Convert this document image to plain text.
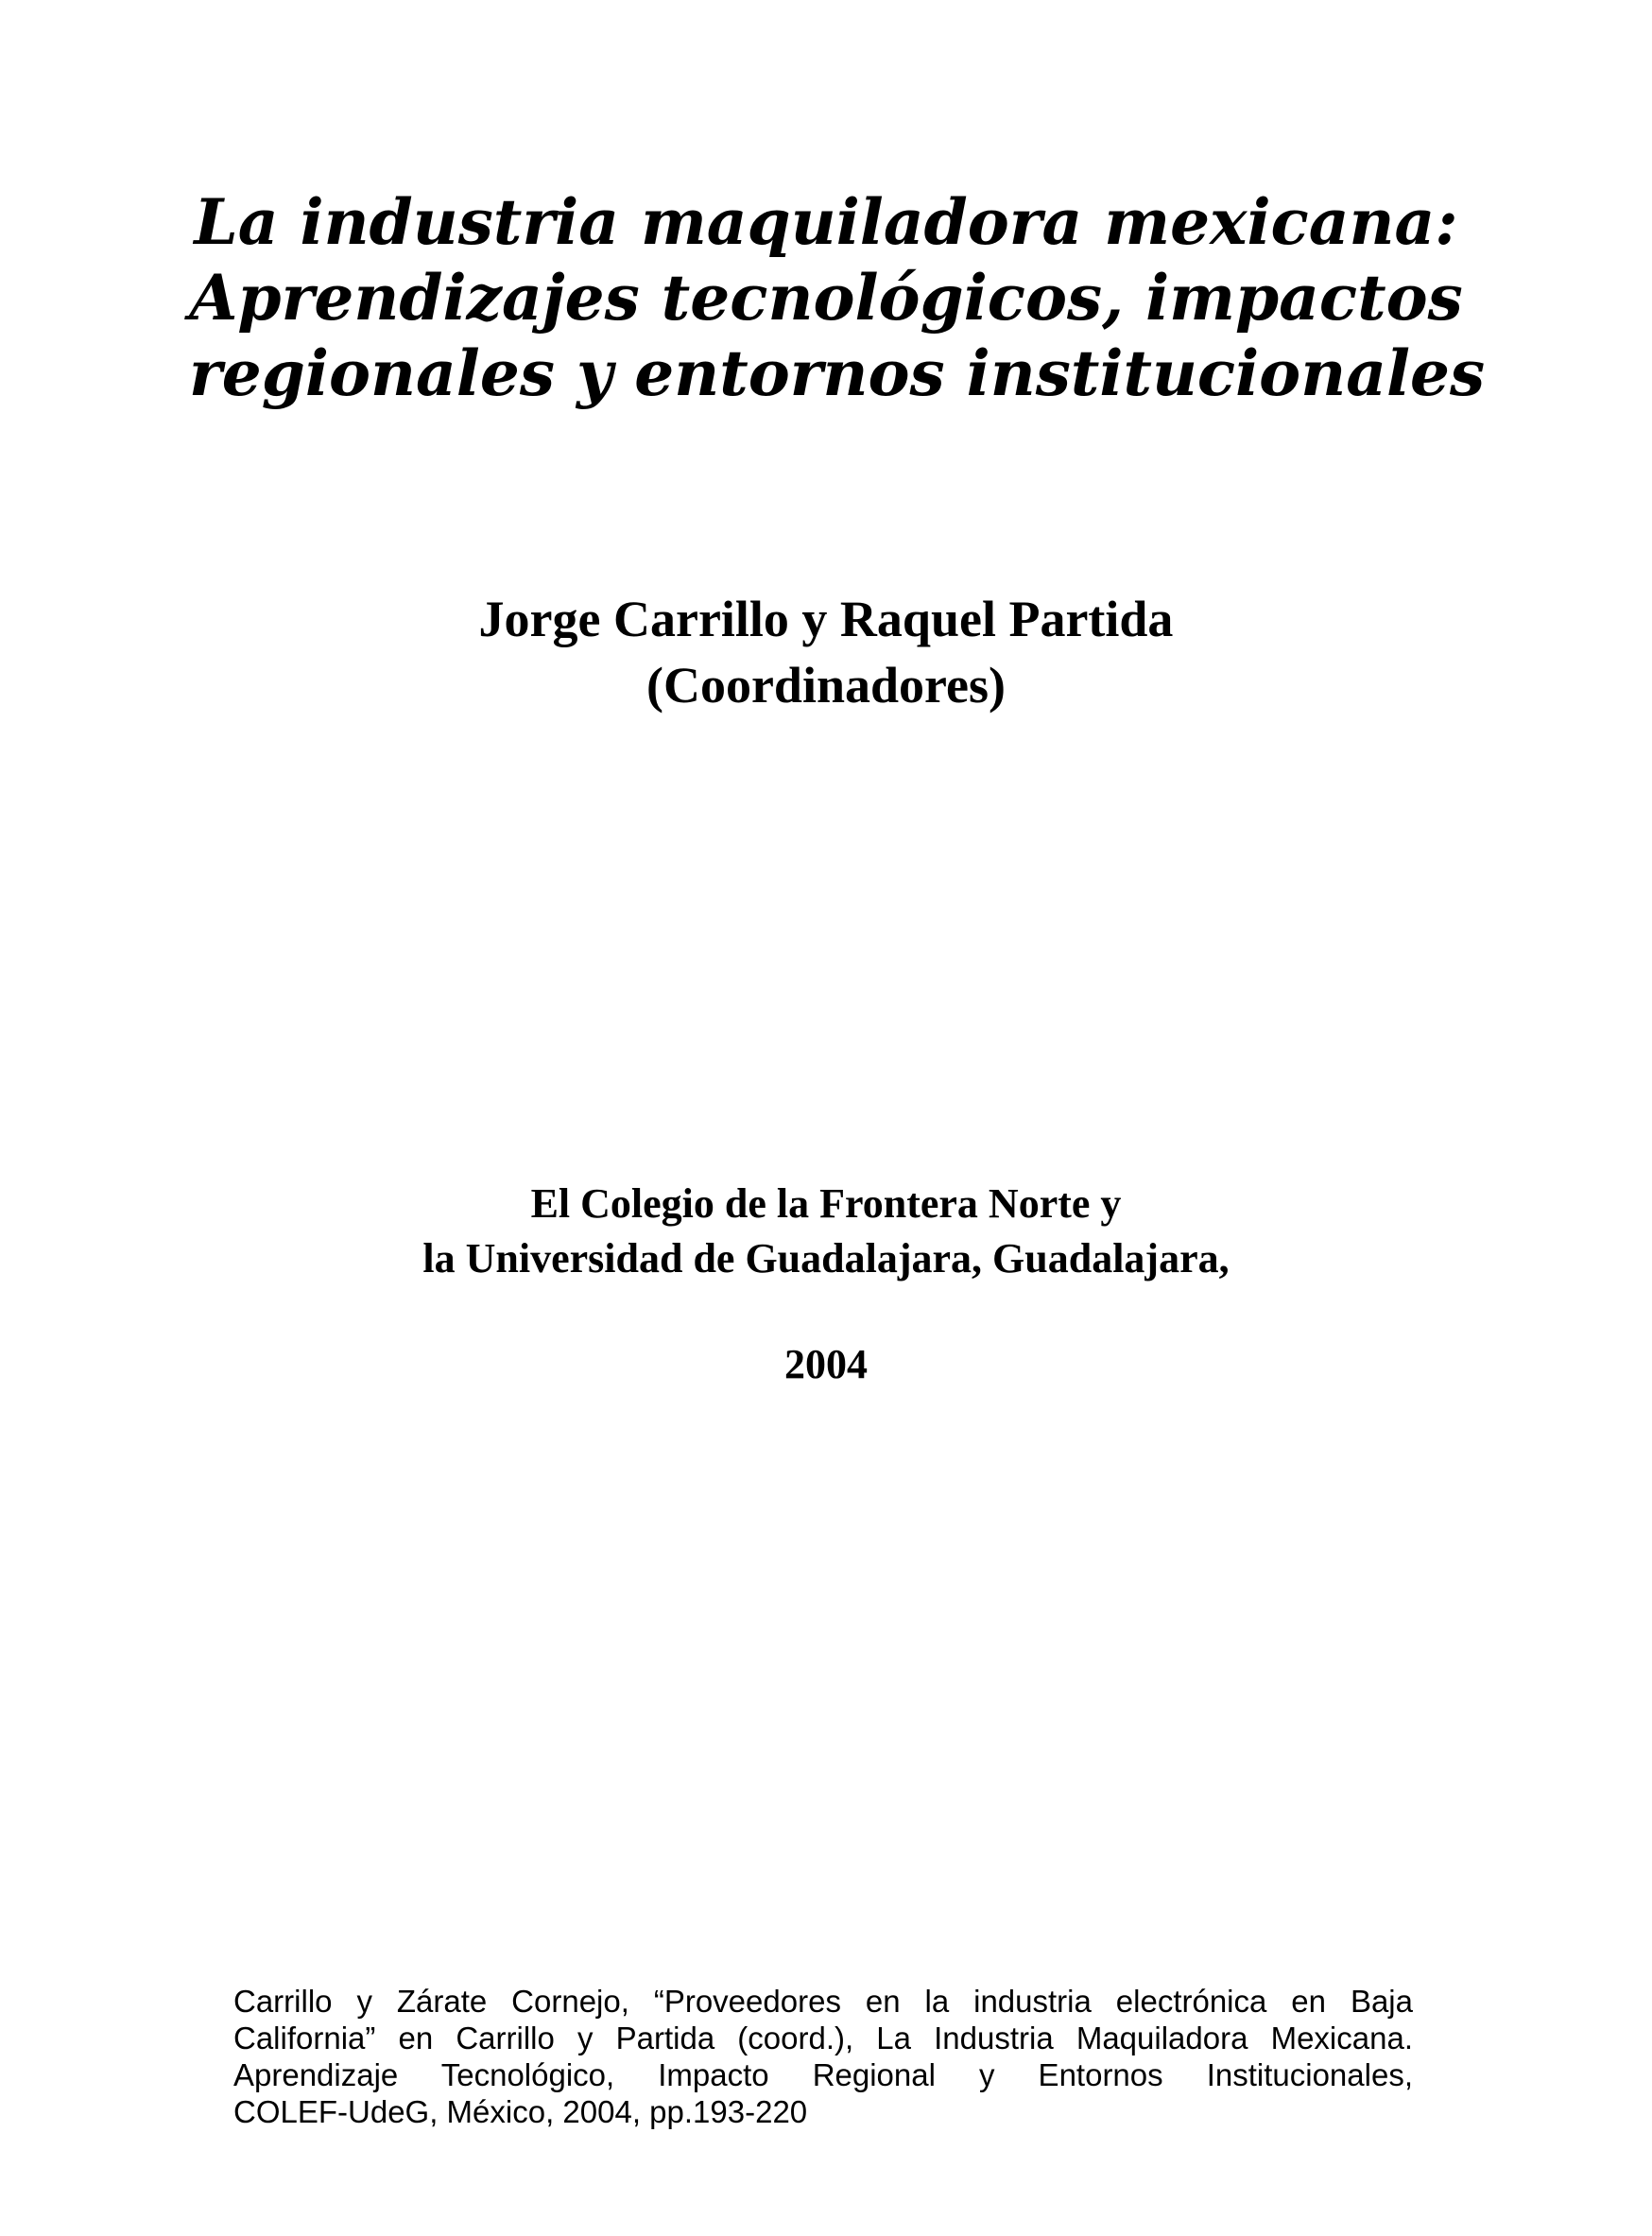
La industria maquiladora mexicana:
Aprendizajes tecnológicos, impactos
regionales y entornos institucionales
Jorge Carrillo y Raquel Partida
(Coordinadores)
El Colegio de la Frontera Norte y
la Universidad de Guadalajara, Guadalajara,
2004
Carrillo y Zárate Cornejo, “Proveedores en la industria electrónica en Baja
California” en Carrillo y Partida (coord.), La Industria Maquiladora Mexicana.
Aprendizaje Tecnológico, Impacto Regional y Entornos Institucionales,
COLEF-UdeG, México, 2004, pp.193-220
